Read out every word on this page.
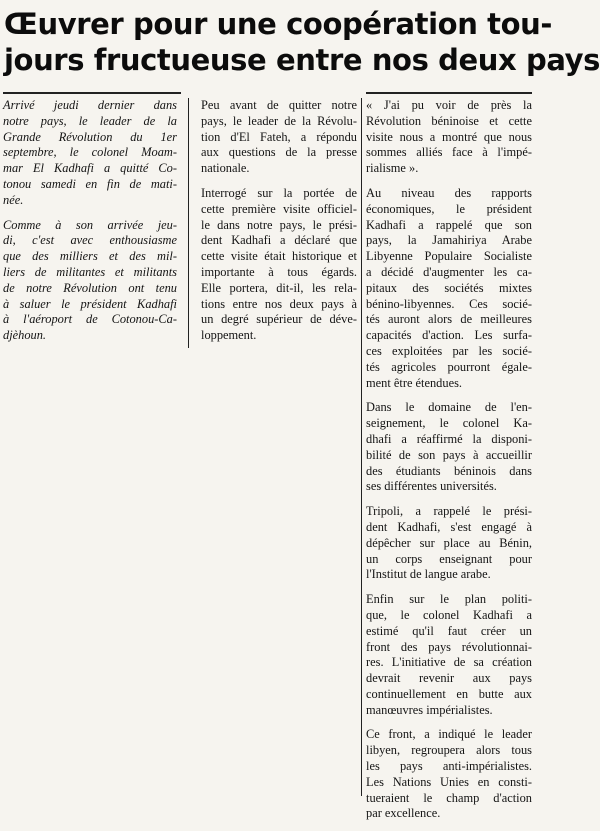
Œuvrer pour une coopération tou-
jours fructueuse entre nos deux pays

Arrivé jeudi dernier dans
notre pays, le leader de la
Grande Révolution du 1er
septembre, le colonel Moam-
mar El Kadhafi a quitté Co-
tonou samedi en fin de mati-
née.

Comme à son arrivée jeu-
di, c'est avec enthousiasme
que des milliers et des mil-
liers de militantes et militants
de notre Révolution ont tenu
à saluer le président Kadhafi
à l'aéroport de Cotonou-Ca-
djèhoun.

Peu avant de quitter notre
pays, le leader de la Révolu-
tion d'El Fateh, a répondu
aux questions de la presse
nationale.

Interrogé sur la portée de
cette première visite officiel-
le dans notre pays, le prési-
dent Kadhafi a déclaré que
cette visite était historique et
importante à tous égards.
Elle portera, dit-il, les rela-
tions entre nos deux pays à
un degré supérieur de déve-
loppement.

« J'ai pu voir de près la
Révolution béninoise et cette
visite nous a montré que nous
sommes alliés face à l'impé-
rialisme ».

Au niveau des rapports
économiques, le président
Kadhafi a rappelé que son
pays, la Jamahiriya Arabe
Libyenne Populaire Socialiste
a décidé d'augmenter les ca-
pitaux des sociétés mixtes
bénino-libyennes. Ces socié-
tés auront alors de meilleures
capacités d'action. Les surfa-
ces exploitées par les socié-
tés agricoles pourront égale-
ment être étendues.

Dans le domaine de l'en-
seignement, le colonel Ka-
dhafi a réaffirmé la disponi-
bilité de son pays à accueillir
des étudiants béninois dans
ses différentes universités.

Tripoli, a rappelé le prési-
dent Kadhafi, s'est engagé à
dépêcher sur place au Bénin,
un corps enseignant pour
l'Institut de langue arabe.

Enfin sur le plan politi-
que, le colonel Kadhafi a
estimé qu'il faut créer un
front des pays révolutionnai-
res. L'initiative de sa création
devrait revenir aux pays
continuellement en butte aux
manœuvres impérialistes.

Ce front, a indiqué le leader
libyen, regroupera alors tous
les pays anti-impérialistes.
Les Nations Unies en consti-
tueraient le champ d'action
par excellence.
